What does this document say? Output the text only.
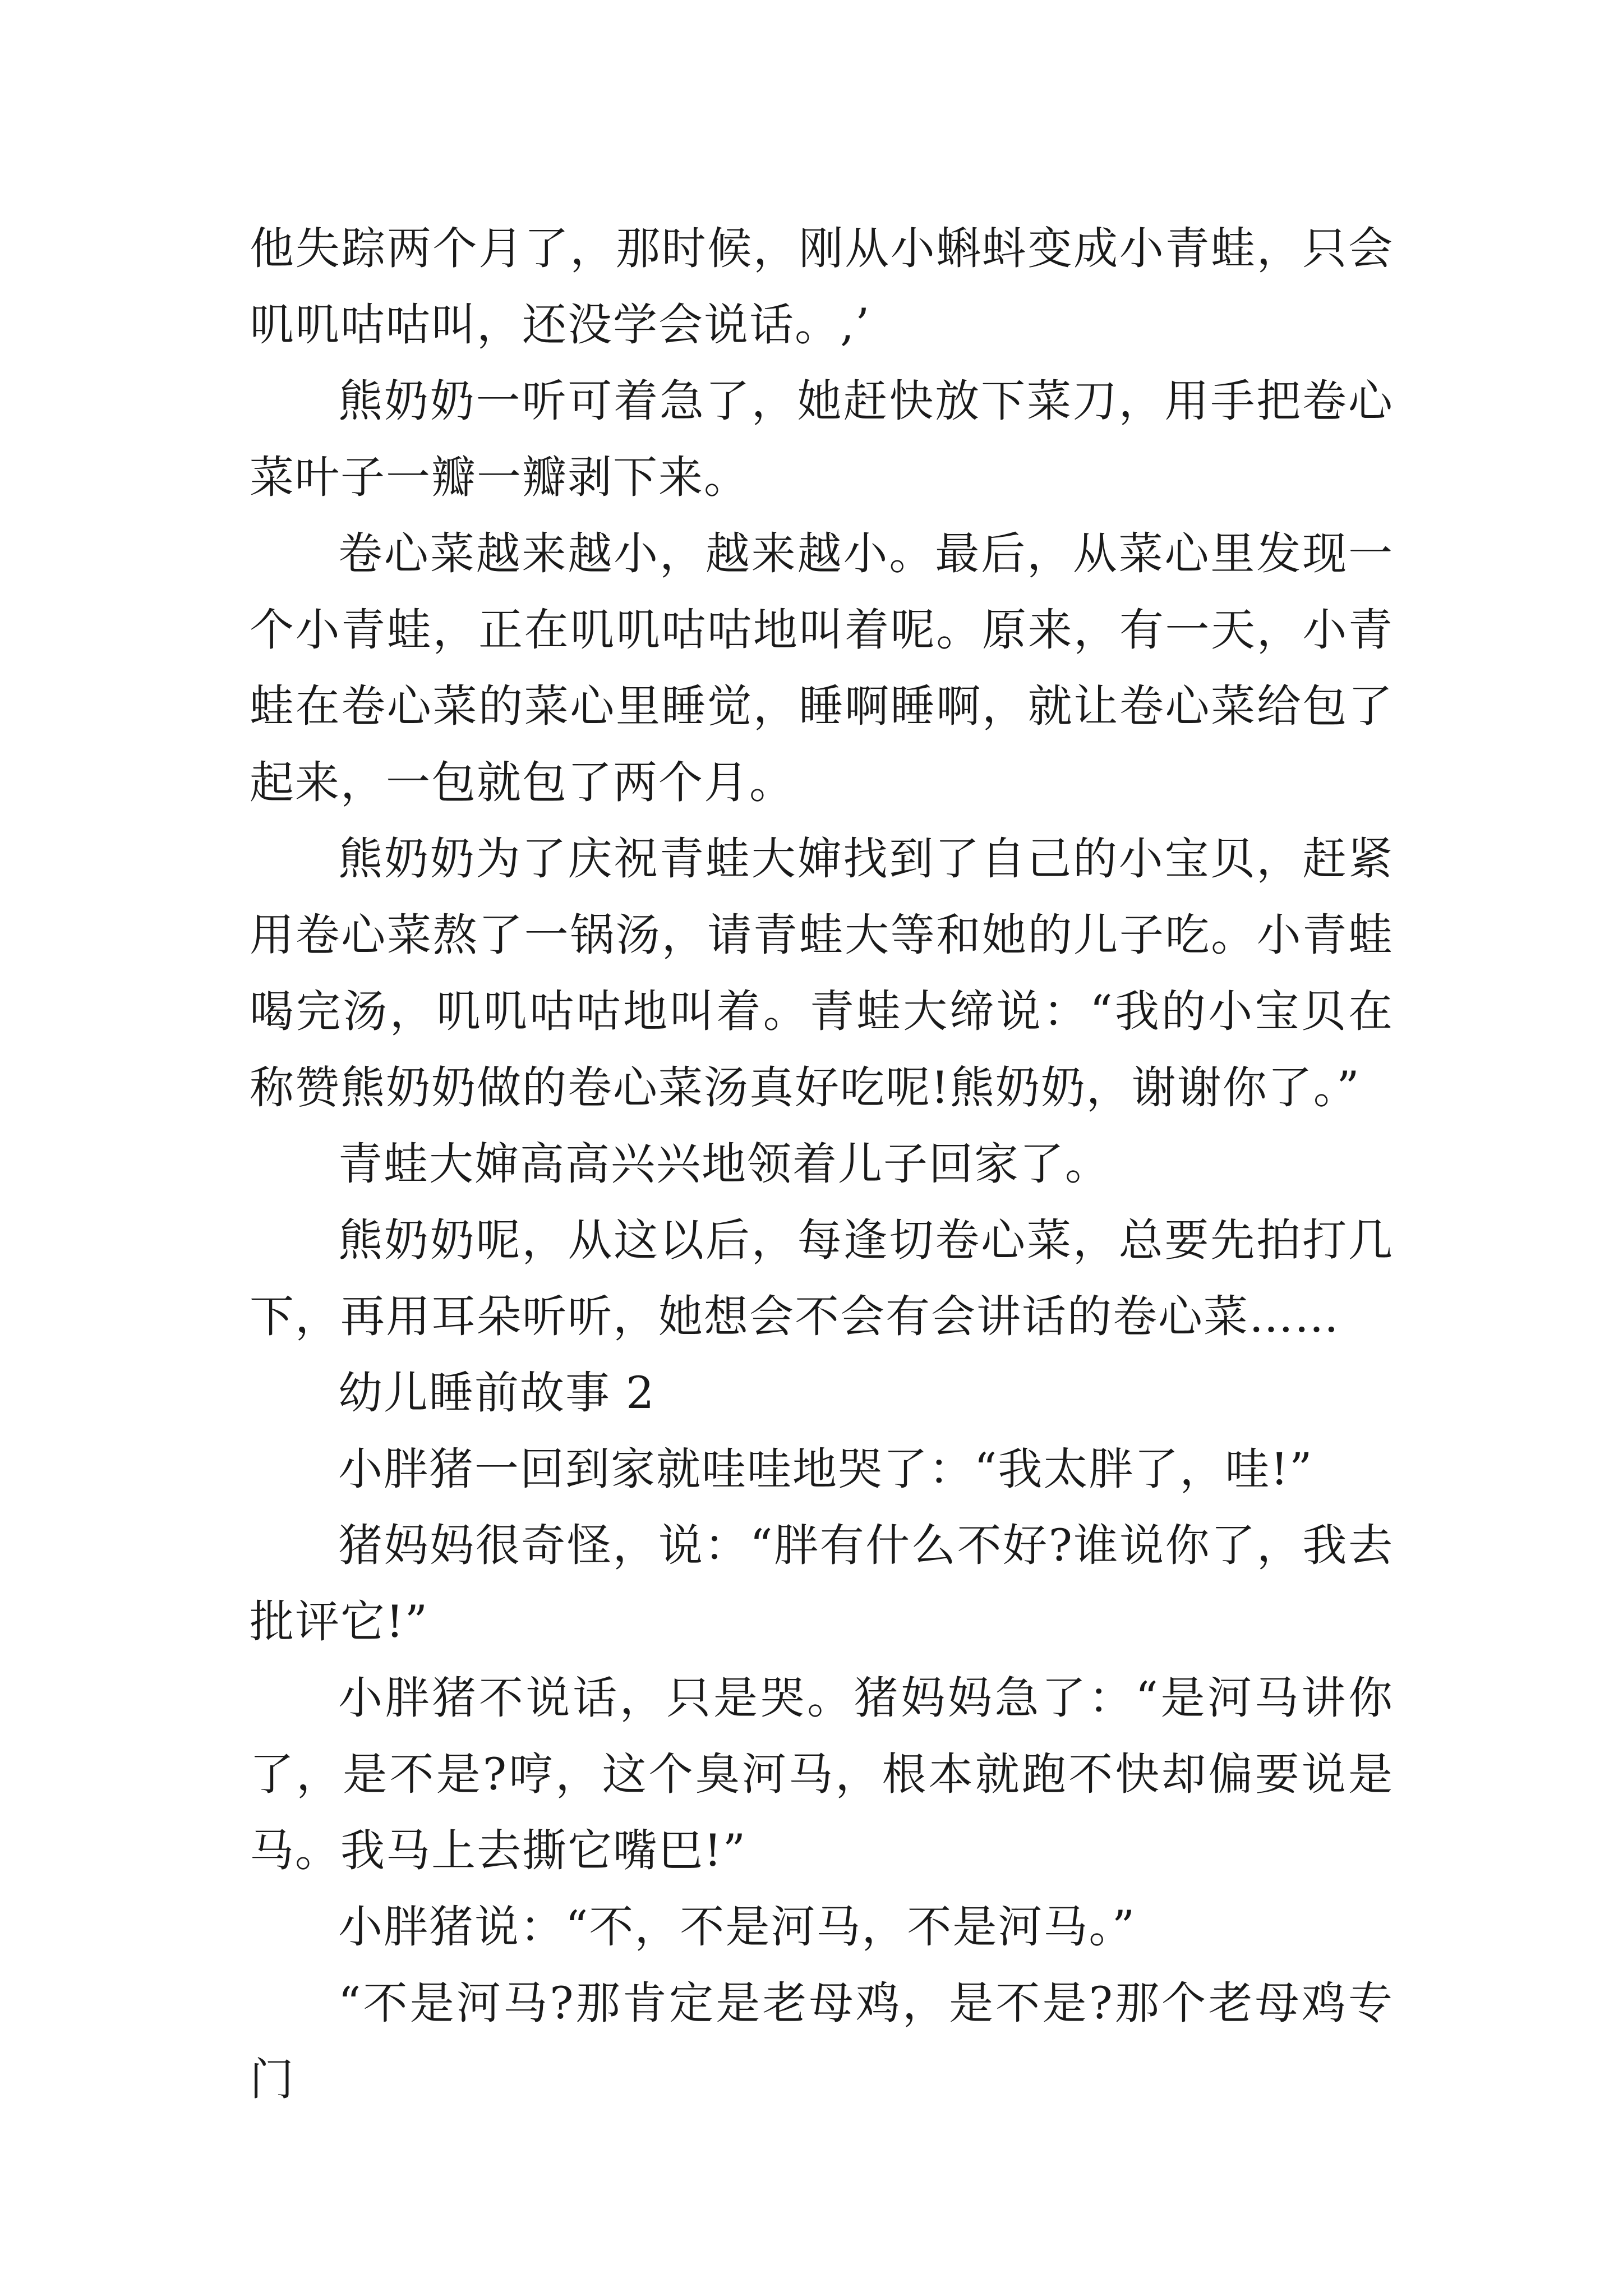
他失踪两个月了，那时候，刚从小蝌蚪变成小青蛙，只会叽叽咕咕叫，还没学会说话。,’

熊奶奶一听可着急了，她赶快放下菜刀，用手把卷心菜叶子一瓣一瓣剥下来。

卷心菜越来越小，越来越小。最后，从菜心里发现一个小青蛙，正在叽叽咕咕地叫着呢。原来，有一天，小青蛙在卷心菜的菜心里睡觉，睡啊睡啊，就让卷心菜给包了起来，一包就包了两个月。

熊奶奶为了庆祝青蛙大婶找到了自己的小宝贝，赶紧用卷心菜熬了一锅汤，请青蛙大等和她的儿子吃。小青蛙喝完汤，叽叽咕咕地叫着。青蛙大缔说：“我的小宝贝在称赞熊奶奶做的卷心菜汤真好吃呢!熊奶奶，谢谢你了。”

青蛙大婶高高兴兴地领着儿子回家了。

熊奶奶呢，从这以后，每逢切卷心菜，总要先拍打几下，再用耳朵听听，她想会不会有会讲话的卷心菜……

幼儿睡前故事 2

小胖猪一回到家就哇哇地哭了：“我太胖了，哇!”

猪妈妈很奇怪，说：“胖有什么不好?谁说你了，我去批评它!”

小胖猪不说话，只是哭。猪妈妈急了：“是河马讲你了，是不是?哼，这个臭河马，根本就跑不快却偏要说是马。我马上去撕它嘴巴!”

小胖猪说：“不，不是河马，不是河马。”

“不是河马?那肯定是老母鸡，是不是?那个老母鸡专门
